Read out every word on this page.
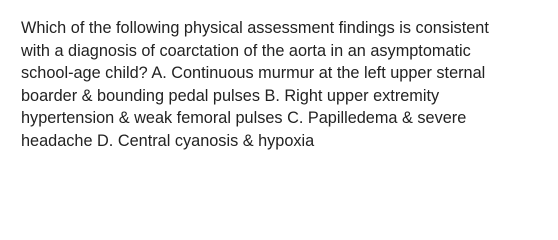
Which of the following physical assessment findings is consistent
with a diagnosis of coarctation of the aorta in an asymptomatic
school-age child? A. Continuous murmur at the left upper sternal
boarder & bounding pedal pulses B. Right upper extremity
hypertension & weak femoral pulses C. Papilledema & severe
headache D. Central cyanosis & hypoxia
